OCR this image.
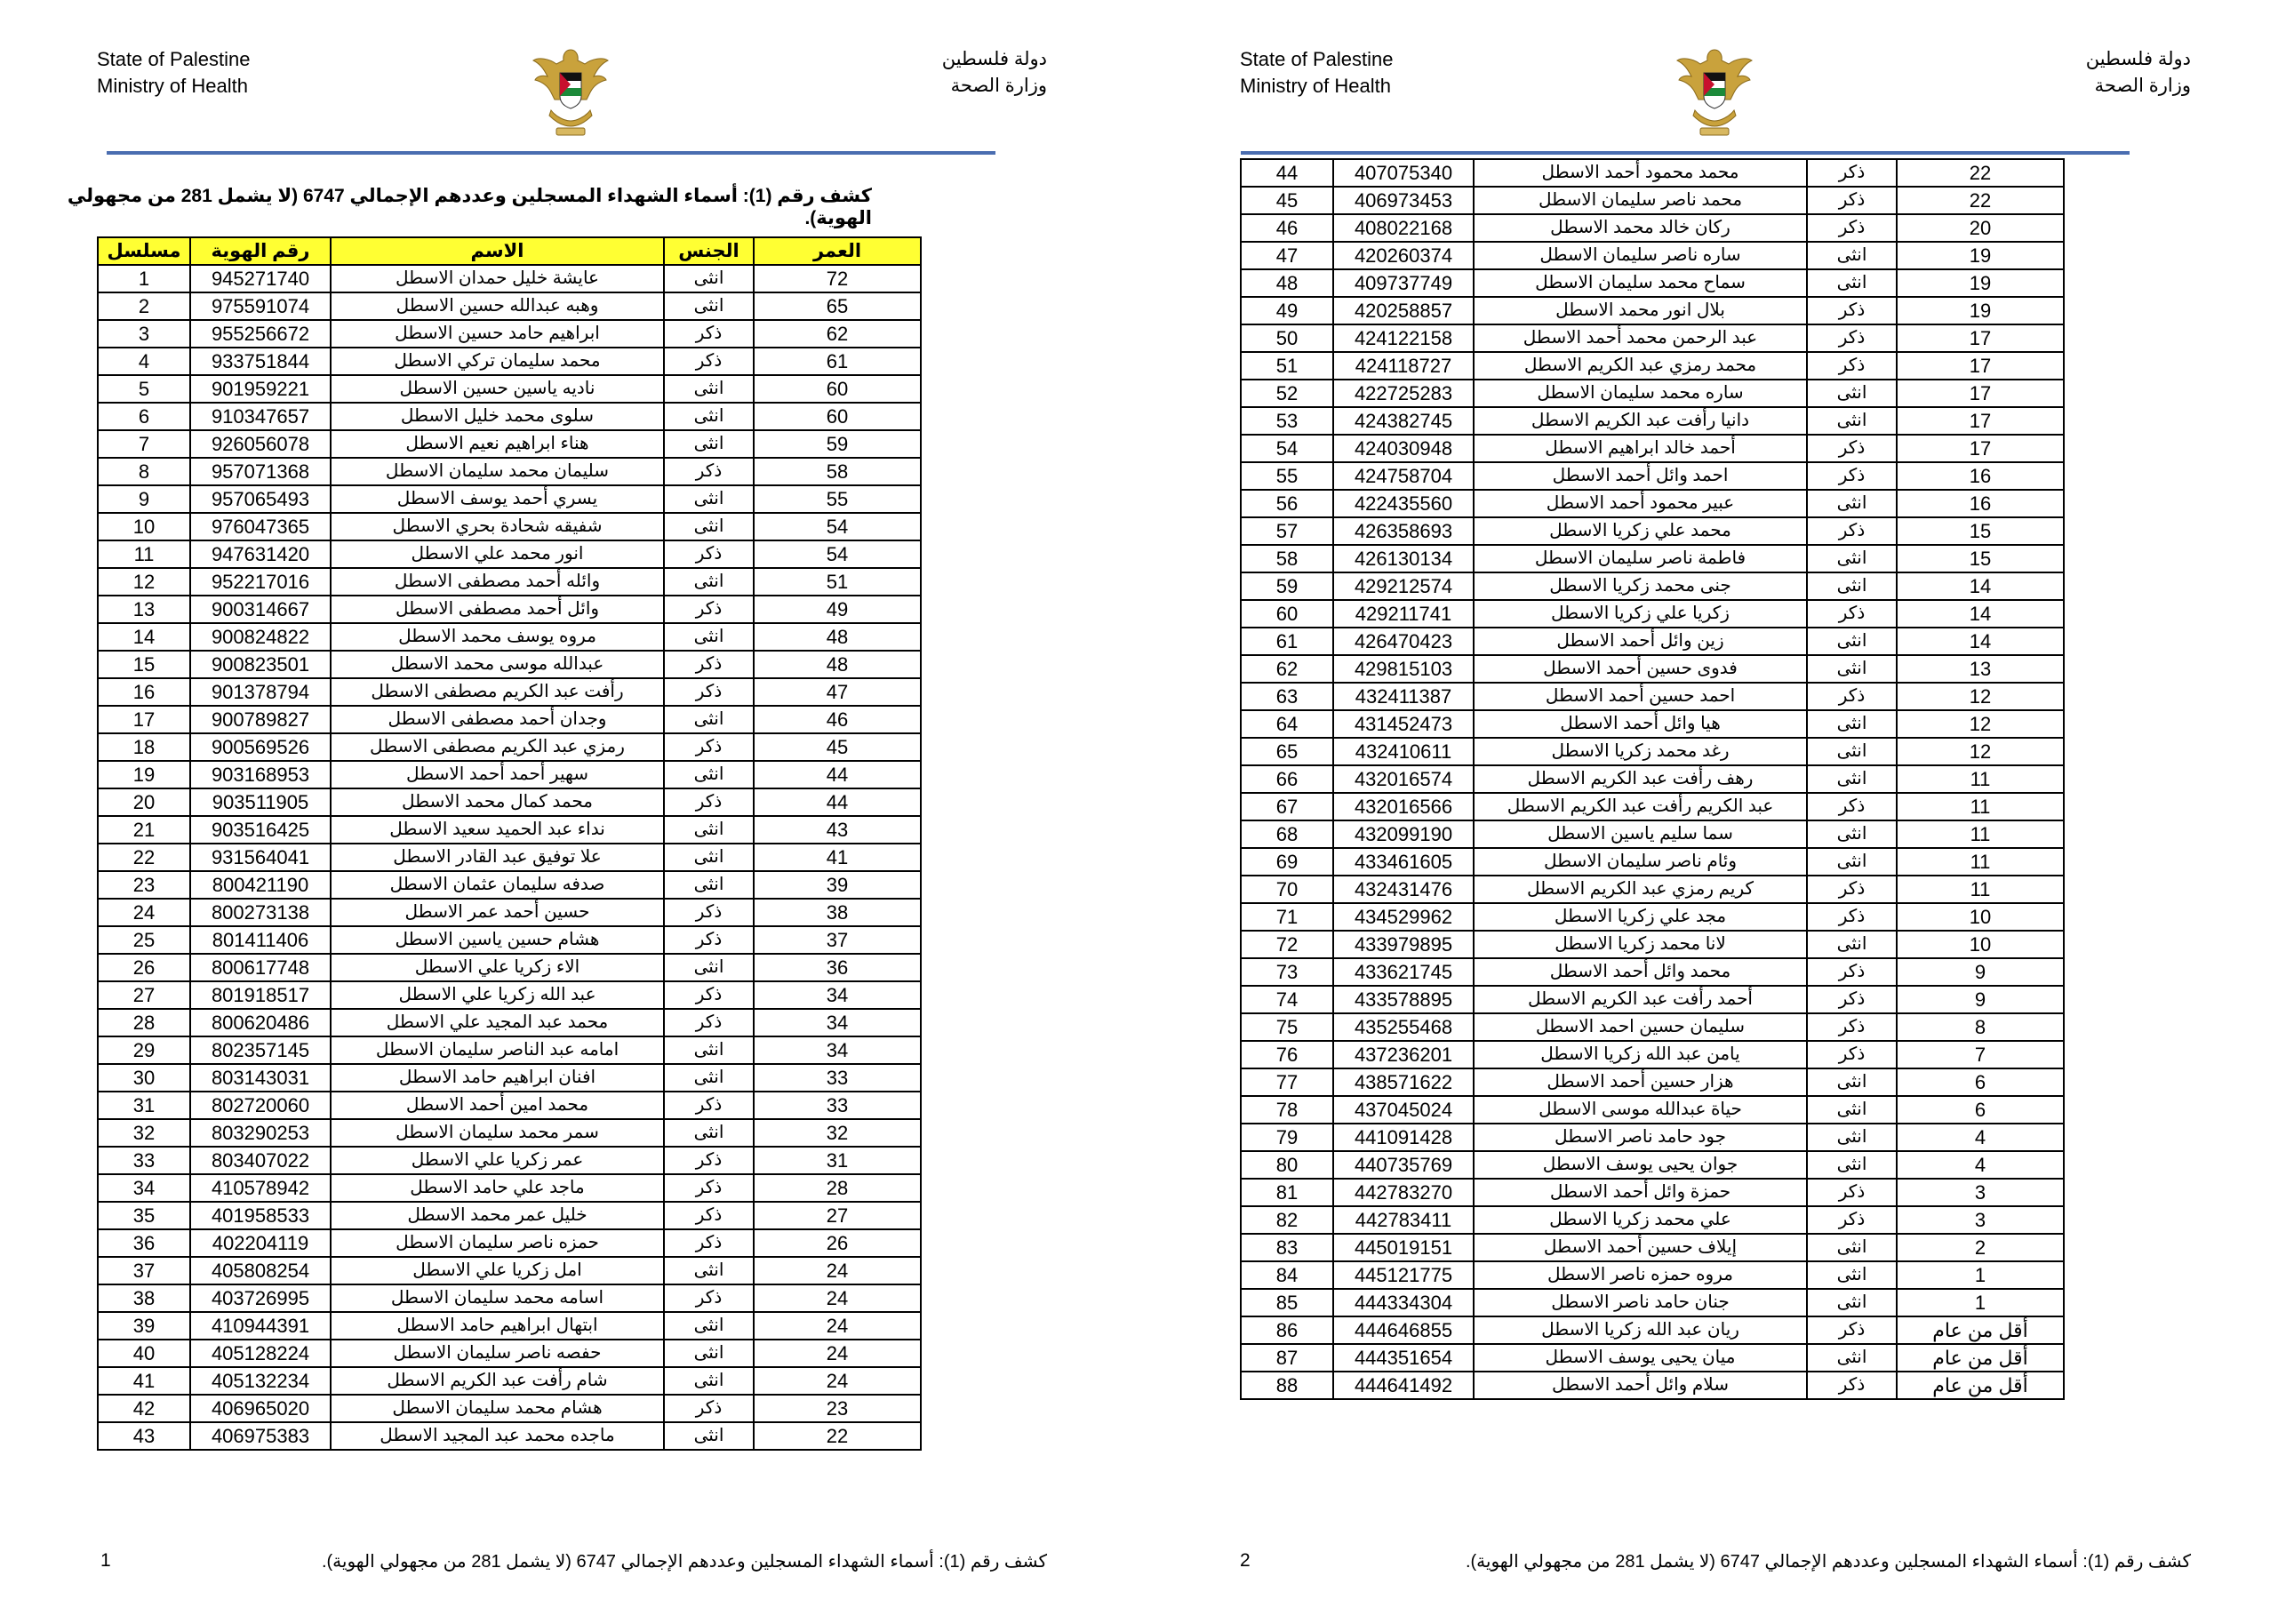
State of Palestine
Ministry of Health
دولة فلسطين
وزارة الصحة
كشف رقم (1): أسماء الشهداء المسجلين وعددهم الإجمالي 6747 (لا يشمل 281 من مجهولي الهوية).
مسلسل	رقم الهوية	الاسم	الجنس	العمر
1	945271740	عايشة خليل حمدان الاسطل	انثى	72
2	975591074	وهبه عبدالله حسين الاسطل	انثى	65
3	955256672	ابراهيم حامد حسين الاسطل	ذكر	62
4	933751844	محمد سليمان تركي الاسطل	ذكر	61
5	901959221	ناديه ياسين حسين الاسطل	انثى	60
6	910347657	سلوى محمد خليل الاسطل	انثى	60
7	926056078	هناء ابراهيم نعيم الاسطل	انثى	59
8	957071368	سليمان محمد سليمان الاسطل	ذكر	58
9	957065493	يسري أحمد يوسف الاسطل	انثى	55
10	976047365	شفيقه شحادة بحري الاسطل	انثى	54
11	947631420	انور محمد علي الاسطل	ذكر	54
12	952217016	وائله أحمد مصطفى الاسطل	انثى	51
13	900314667	وائل أحمد مصطفى الاسطل	ذكر	49
14	900824822	مروه يوسف محمد الاسطل	انثى	48
15	900823501	عبدالله موسى محمد الاسطل	ذكر	48
16	901378794	رأفت عبد الكريم مصطفى الاسطل	ذكر	47
17	900789827	وجدان أحمد مصطفى الاسطل	انثى	46
18	900569526	رمزي عبد الكريم مصطفى الاسطل	ذكر	45
19	903168953	سهير أحمد أحمد الاسطل	انثى	44
20	903511905	محمد كمال محمد الاسطل	ذكر	44
21	903516425	نداء عبد الحميد سعيد الاسطل	انثى	43
22	931564041	علا توفيق عبد القادر الاسطل	انثى	41
23	800421190	صدفه سليمان عثمان الاسطل	انثى	39
24	800273138	حسين أحمد عمر الاسطل	ذكر	38
25	801411406	هشام حسين ياسين الاسطل	ذكر	37
26	800617748	الاء زكريا علي الاسطل	انثى	36
27	801918517	عبد الله زكريا علي الاسطل	ذكر	34
28	800620486	محمد عبد المجيد علي الاسطل	ذكر	34
29	802357145	امامه عبد الناصر سليمان الاسطل	انثى	34
30	803143031	افنان ابراهيم حامد الاسطل	انثى	33
31	802720060	محمد امين أحمد الاسطل	ذكر	33
32	803290253	سمر محمد سليمان الاسطل	انثى	32
33	803407022	عمر زكريا علي الاسطل	ذكر	31
34	410578942	ماجد علي حامد الاسطل	ذكر	28
35	401958533	خليل عمر محمد الاسطل	ذكر	27
36	402204119	حمزه ناصر سليمان الاسطل	ذكر	26
37	405808254	امل زكريا علي الاسطل	انثى	24
38	403726995	اسامه محمد سليمان الاسطل	ذكر	24
39	410944391	ابتهال ابراهيم حامد الاسطل	انثى	24
40	405128224	حفصه ناصر سليمان الاسطل	انثى	24
41	405132234	شام رأفت عبد الكريم الاسطل	انثى	24
42	406965020	هشام محمد سليمان الاسطل	ذكر	23
43	406975383	ماجده محمد عبد المجيد الاسطل	انثى	22
كشف رقم (1): أسماء الشهداء المسجلين وعددهم الإجمالي 6747 (لا يشمل 281 من مجهولي الهوية).
1
State of Palestine
Ministry of Health
دولة فلسطين
وزارة الصحة
44	407075340	محمد محمود أحمد الاسطل	ذكر	22
45	406973453	محمد ناصر سليمان الاسطل	ذكر	22
46	408022168	ركان خالد محمد الاسطل	ذكر	20
47	420260374	ساره ناصر سليمان الاسطل	انثى	19
48	409737749	سماح محمد سليمان الاسطل	انثى	19
49	420258857	بلال انور محمد الاسطل	ذكر	19
50	424122158	عبد الرحمن محمد أحمد الاسطل	ذكر	17
51	424118727	محمد رمزي عبد الكريم الاسطل	ذكر	17
52	422725283	ساره محمد سليمان الاسطل	انثى	17
53	424382745	دانيا رأفت عبد الكريم الاسطل	انثى	17
54	424030948	أحمد خالد ابراهيم الاسطل	ذكر	17
55	424758704	احمد وائل أحمد الاسطل	ذكر	16
56	422435560	عبير محمود أحمد الاسطل	انثى	16
57	426358693	محمد علي زكريا الاسطل	ذكر	15
58	426130134	فاطمة ناصر سليمان الاسطل	انثى	15
59	429212574	جنى محمد زكريا الاسطل	انثى	14
60	429211741	زكريا علي زكريا الاسطل	ذكر	14
61	426470423	زين وائل أحمد الاسطل	انثى	14
62	429815103	فدوى حسين أحمد الاسطل	انثى	13
63	432411387	احمد حسين أحمد الاسطل	ذكر	12
64	431452473	هيا وائل أحمد الاسطل	انثى	12
65	432410611	رغد محمد زكريا الاسطل	انثى	12
66	432016574	رهف رأفت عبد الكريم الاسطل	انثى	11
67	432016566	عبد الكريم رأفت عبد الكريم الاسطل	ذكر	11
68	432099190	سما سليم ياسين الاسطل	انثى	11
69	433461605	وئام ناصر سليمان الاسطل	انثى	11
70	432431476	كريم رمزي عبد الكريم الاسطل	ذكر	11
71	434529962	مجد علي زكريا الاسطل	ذكر	10
72	433979895	لانا محمد زكريا الاسطل	انثى	10
73	433621745	محمد وائل أحمد الاسطل	ذكر	9
74	433578895	أحمد رأفت عبد الكريم الاسطل	ذكر	9
75	435255468	سليمان حسين احمد الاسطل	ذكر	8
76	437236201	يامن عبد الله زكريا الاسطل	ذكر	7
77	438571622	هزار حسين أحمد الاسطل	انثى	6
78	437045024	حياة عبدالله موسى الاسطل	انثى	6
79	441091428	جود حامد ناصر الاسطل	انثى	4
80	440735769	جوان يحيى يوسف الاسطل	انثى	4
81	442783270	حمزة وائل أحمد الاسطل	ذكر	3
82	442783411	علي محمد زكريا الاسطل	ذكر	3
83	445019151	إيلاف حسين أحمد الاسطل	انثى	2
84	445121775	مروه حمزه ناصر الاسطل	انثى	1
85	444334304	جنان حامد ناصر الاسطل	انثى	1
86	444646855	ريان عبد الله زكريا الاسطل	ذكر	أقل من عام
87	444351654	ميان يحيى يوسف الاسطل	انثى	أقل من عام
88	444641492	سلام وائل أحمد الاسطل	ذكر	أقل من عام
كشف رقم (1): أسماء الشهداء المسجلين وعددهم الإجمالي 6747 (لا يشمل 281 من مجهولي الهوية).
2
